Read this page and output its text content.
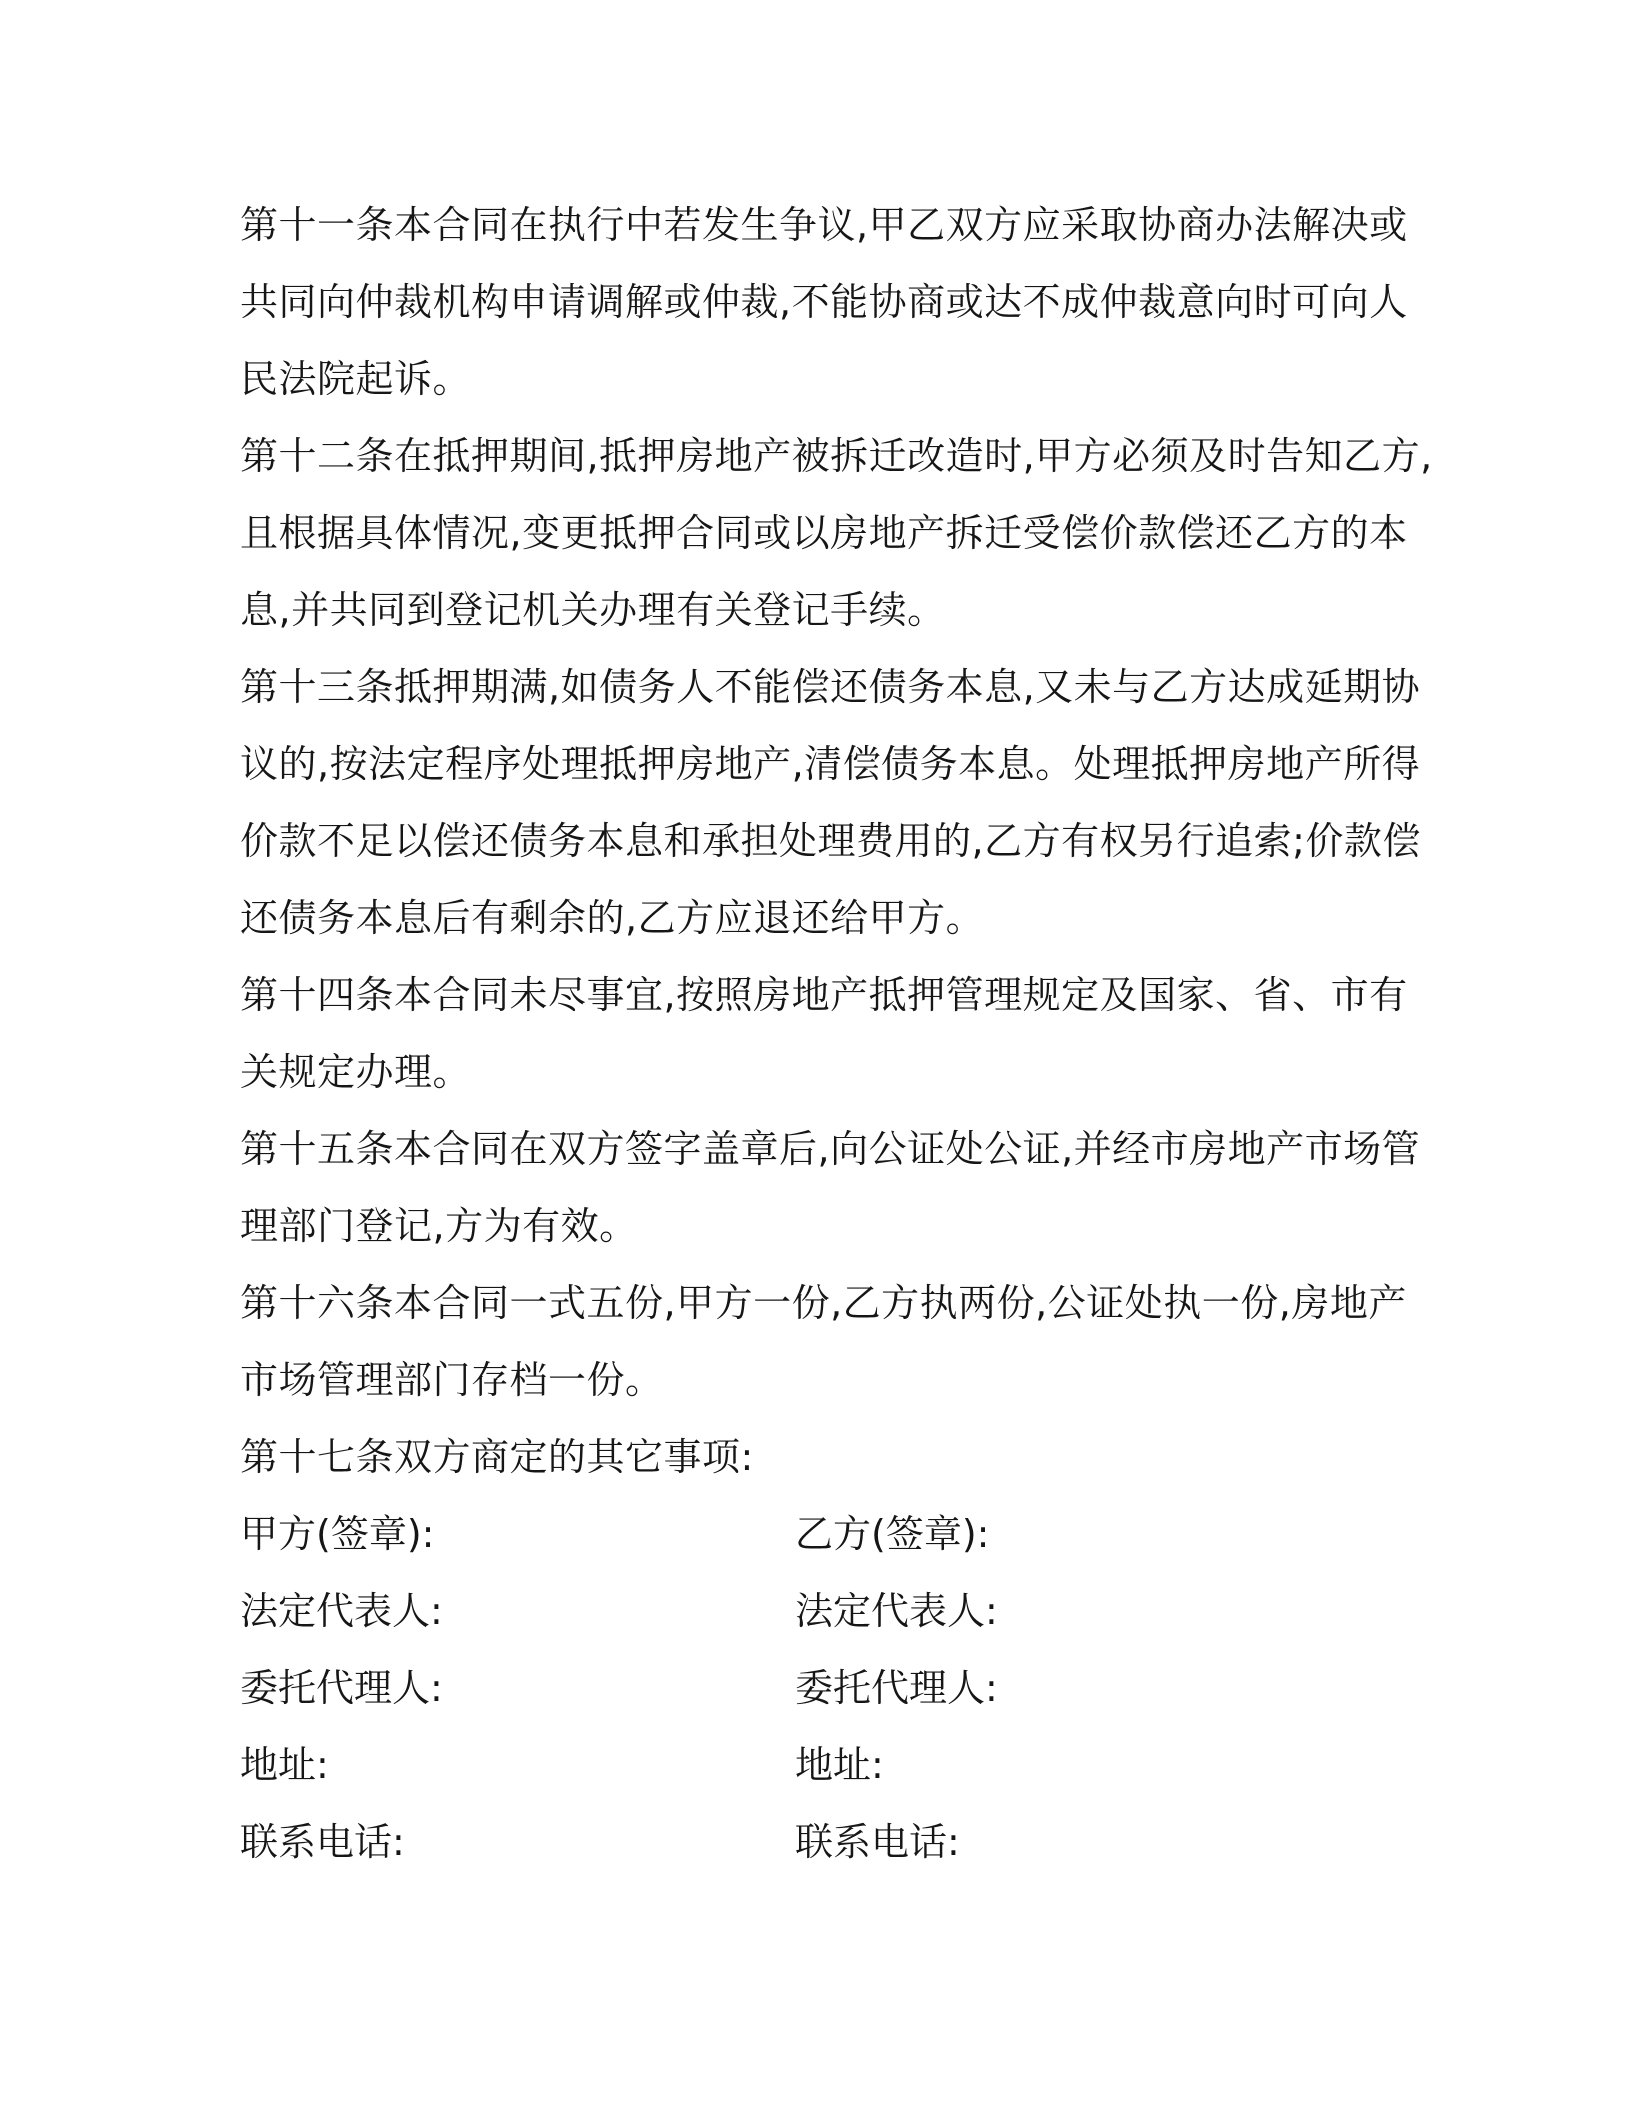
第十一条本合同在执行中若发生争议,甲乙双方应采取协商办法解决或
共同向仲裁机构申请调解或仲裁,不能协商或达不成仲裁意向时可向人
民法院起诉。
第十二条在抵押期间,抵押房地产被拆迁改造时,甲方必须及时告知乙方,
且根据具体情况,变更抵押合同或以房地产拆迁受偿价款偿还乙方的本
息,并共同到登记机关办理有关登记手续。
第十三条抵押期满,如债务人不能偿还债务本息,又未与乙方达成延期协
议的,按法定程序处理抵押房地产,清偿债务本息。处理抵押房地产所得
价款不足以偿还债务本息和承担处理费用的,乙方有权另行追索;价款偿
还债务本息后有剩余的,乙方应退还给甲方。
第十四条本合同未尽事宜,按照房地产抵押管理规定及国家、省、市有
关规定办理。
第十五条本合同在双方签字盖章后,向公证处公证,并经市房地产市场管
理部门登记,方为有效。
第十六条本合同一式五份,甲方一份,乙方执两份,公证处执一份,房地产
市场管理部门存档一份。
第十七条双方商定的其它事项:
甲方(签章):	乙方(签章):
法定代表人:	法定代表人:
委托代理人:	委托代理人:
地址:	地址:
联系电话:	联系电话:
